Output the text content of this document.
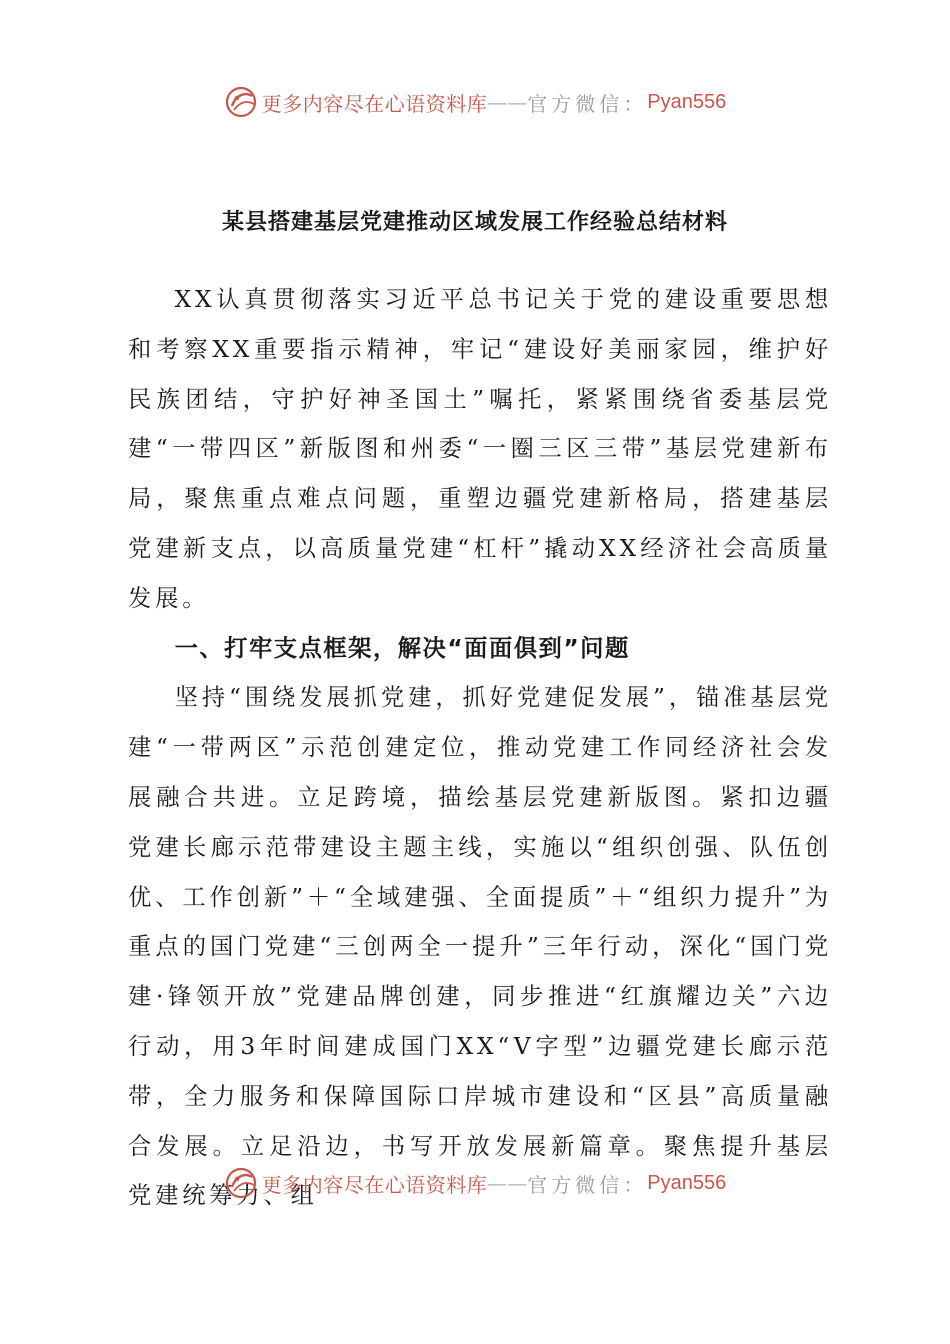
更多内容尽在心语资料库 —— 官方微信： Pyan556
某县搭建基层党建推动区域发展工作经验总结材料

XX认真贯彻落实习近平总书记关于党的建设重要思想和考察XX重要指示精神，牢记“建设好美丽家园，维护好民族团结，守护好神圣国土”嘱托，紧紧围绕省委基层党建“一带四区”新版图和州委“一圈三区三带”基层党建新布局，聚焦重点难点问题，重塑边疆党建新格局，搭建基层党建新支点，以高质量党建“杠杆”撬动XX经济社会高质量发展。

一、打牢支点框架，解决“面面俱到”问题

坚持“围绕发展抓党建，抓好党建促发展”，锚准基层党建“一带两区”示范创建定位，推动党建工作同经济社会发展融合共进。立足跨境，描绘基层党建新版图。紧扣边疆党建长廊示范带建设主题主线，实施以“组织创强、队伍创优、工作创新”＋“全域建强、全面提质”＋“组织力提升”为重点的国门党建“三创两全一提升”三年行动，深化“国门党建·锋领开放”党建品牌创建，同步推进“红旗耀边关”六边行动，用3年时间建成国门XX“V字型”边疆党建长廊示范带，全力服务和保障国际口岸城市建设和“区县”高质量融合发展。立足沿边，书写开放发展新篇章。聚焦提升基层党建统筹力、组

更多内容尽在心语资料库 —— 官方微信： Pyan556
